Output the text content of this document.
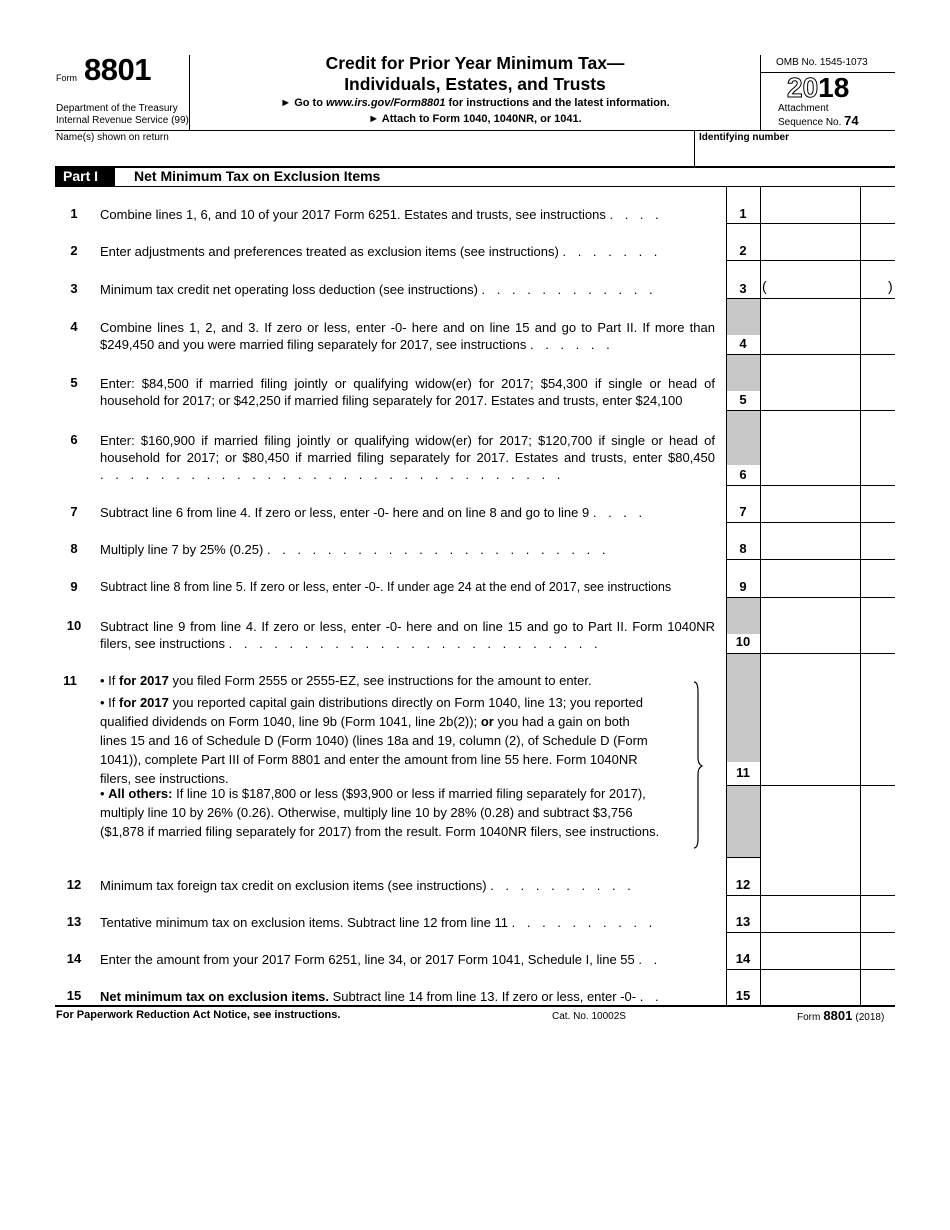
Form 8801
Department of the Treasury
Internal Revenue Service (99)
Credit for Prior Year Minimum Tax—
Individuals, Estates, and Trusts
► Go to www.irs.gov/Form8801 for instructions and the latest information.
► Attach to Form 1040, 1040NR, or 1041.
OMB No. 1545-1073
2018
Attachment
Sequence No. 74
Name(s) shown on return	Identifying number
Part I	Net Minimum Tax on Exclusion Items
1	Combine lines 1, 6, and 10 of your 2017 Form 6251. Estates and trusts, see instructions . . . .	1
2	Enter adjustments and preferences treated as exclusion items (see instructions) . . . . . . .	2
3	Minimum tax credit net operating loss deduction (see instructions) . . . . . . . . . . . .	3	(	)
4	Combine lines 1, 2, and 3. If zero or less, enter -0- here and on line 15 and go to Part II. If more than $249,450 and you were married filing separately for 2017, see instructions . . . . . .	4
5	Enter: $84,500 if married filing jointly or qualifying widow(er) for 2017; $54,300 if single or head of household for 2017; or $42,250 if married filing separately for 2017. Estates and trusts, enter $24,100	5
6	Enter: $160,900 if married filing jointly or qualifying widow(er) for 2017; $120,700 if single or head of household for 2017; or $80,450 if married filing separately for 2017. Estates and trusts, enter $80,450 . . . . . . . . . . . . . . . . . . . . . . . . . . . . . . .	6
7	Subtract line 6 from line 4. If zero or less, enter -0- here and on line 8 and go to line 9 . . . .	7
8	Multiply line 7 by 25% (0.25) . . . . . . . . . . . . . . . . . . . . . . .	8
9	Subtract line 8 from line 5. If zero or less, enter -0-. If under age 24 at the end of 2017, see instructions	9
10	Subtract line 9 from line 4. If zero or less, enter -0- here and on line 15 and go to Part II. Form 1040NR filers, see instructions . . . . . . . . . . . . . . . . . . . . . . . . .	10
11	• If for 2017 you filed Form 2555 or 2555-EZ, see instructions for the amount to enter.
• If for 2017 you reported capital gain distributions directly on Form 1040, line 13; you reported qualified dividends on Form 1040, line 9b (Form 1041, line 2b(2)); or you had a gain on both lines 15 and 16 of Schedule D (Form 1040) (lines 18a and 19, column (2), of Schedule D (Form 1041)), complete Part III of Form 8801 and enter the amount from line 55 here. Form 1040NR filers, see instructions.
• All others: If line 10 is $187,800 or less ($93,900 or less if married filing separately for 2017), multiply line 10 by 26% (0.26). Otherwise, multiply line 10 by 28% (0.28) and subtract $3,756 ($1,878 if married filing separately for 2017) from the result. Form 1040NR filers, see instructions.
11
12	Minimum tax foreign tax credit on exclusion items (see instructions) . . . . . . . . . .	12
13	Tentative minimum tax on exclusion items. Subtract line 12 from line 11 . . . . . . . . . .	13
14	Enter the amount from your 2017 Form 6251, line 34, or 2017 Form 1041, Schedule I, line 55 . .	14
15	Net minimum tax on exclusion items. Subtract line 14 from line 13. If zero or less, enter -0- . .	15
For Paperwork Reduction Act Notice, see instructions.	Cat. No. 10002S	Form 8801 (2018)
